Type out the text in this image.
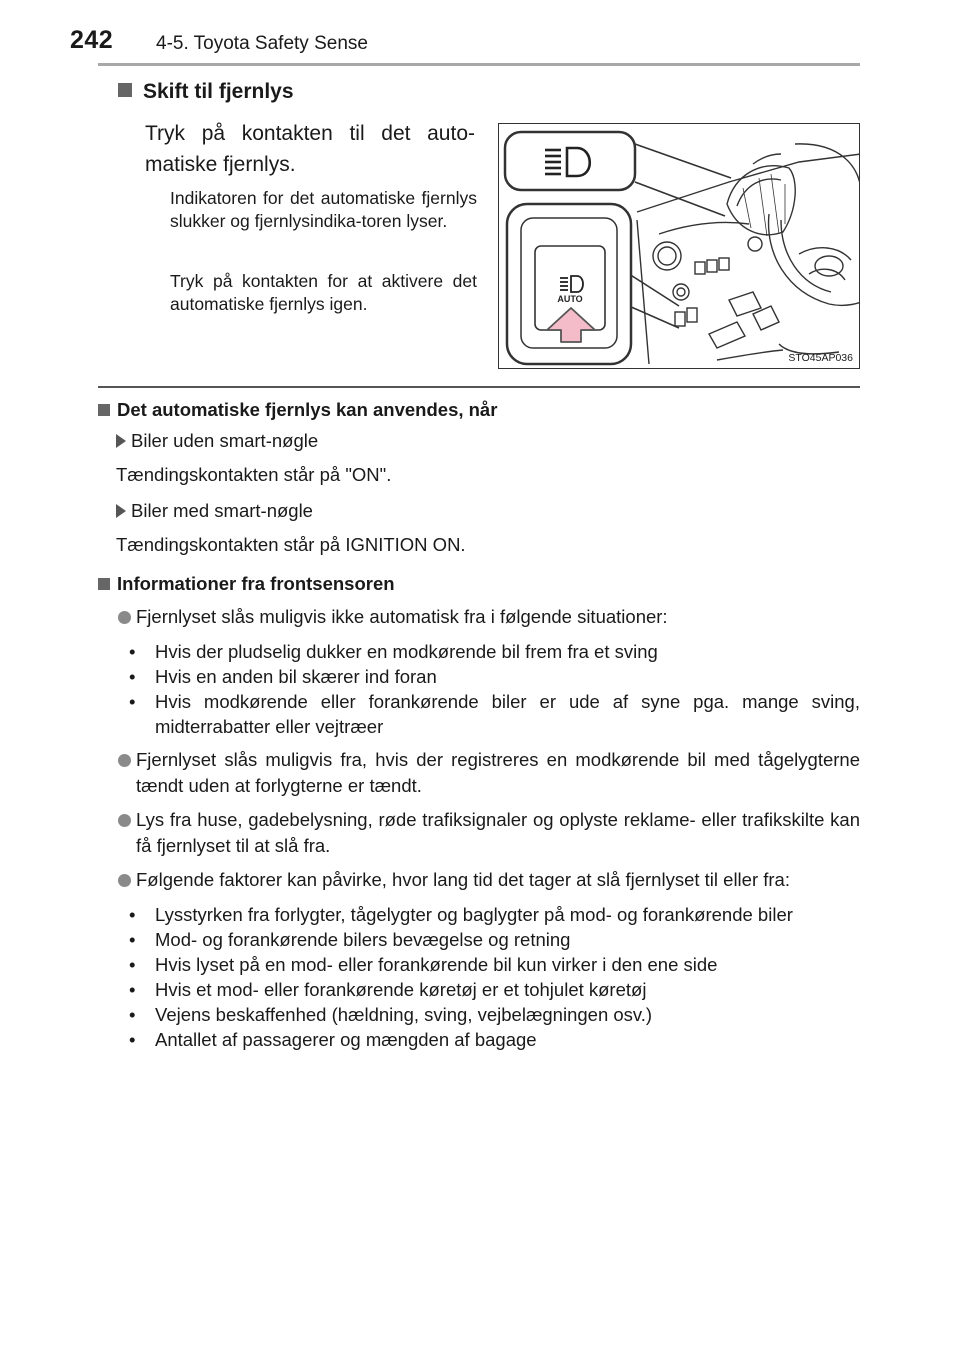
242 4-5. Toyota Safety Sense
Skift til fjernlys
Tryk på kontakten til det auto-matiske fjernlys.
Indikatoren for det automatiske fjernlys slukker og fjernlysindika-toren lyser.
Tryk på kontakten for at aktivere det automatiske fjernlys igen.	AUTO
STO45AP036
Det automatiske fjernlys kan anvendes, når
Biler uden smart-nøgle
Tændingskontakten står på "ON".
Biler med smart-nøgle
Tændingskontakten står på IGNITION ON.
Informationer fra frontsensoren
Fjernlyset slås muligvis ikke automatisk fra i følgende situationer:
• Hvis der pludselig dukker en modkørende bil frem fra et sving
• Hvis en anden bil skærer ind foran
• Hvis modkørende eller forankørende biler er ude af syne pga. mange sving, midterrabatter eller vejtræer
Fjernlyset slås muligvis fra, hvis der registreres en modkørende bil med tågelygterne tændt uden at forlygterne er tændt.
Lys fra huse, gadebelysning, røde trafiksignaler og oplyste reklame- eller trafikskilte kan få fjernlyset til at slå fra.
Følgende faktorer kan påvirke, hvor lang tid det tager at slå fjernlyset til eller fra:
• Lysstyrken fra forlygter, tågelygter og baglygter på mod- og forankørende biler
• Mod- og forankørende bilers bevægelse og retning
• Hvis lyset på en mod- eller forankørende bil kun virker i den ene side
• Hvis et mod- eller forankørende køretøj er et tohjulet køretøj
• Vejens beskaffenhed (hældning, sving, vejbelægningen osv.)
• Antallet af passagerer og mængden af bagage
